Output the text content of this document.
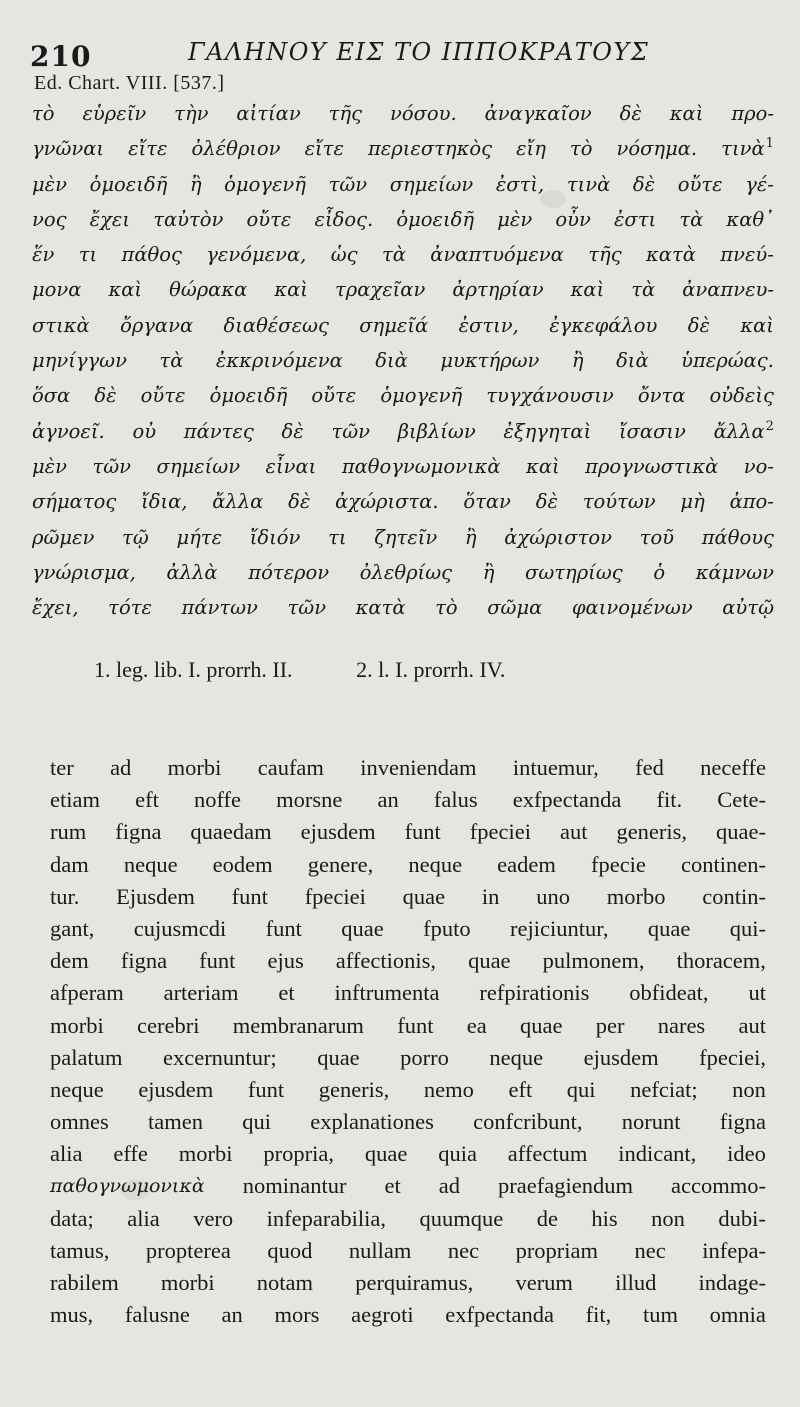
210	ΓΑΛΗΝΟΥ ΕΙΣ ΤΟ ΙΠΠΟΚΡΑΤΟΥΣ
Ed. Chart. VIII. [537.]
τὸ εὑρεῖν τὴν αἰτίαν τῆς νόσου. ἀναγκαῖον δὲ καὶ προ-
γνῶναι εἴτε ὀλέθριον εἴτε περιεστηκὸς εἴη τὸ νόσημα. τινὰ$^1$
μὲν ὁμοειδῆ ἢ ὁμογενῆ τῶν σημείων ἐστὶ, τινὰ δὲ οὔτε γέ-
νος ἔχει ταὐτὸν οὔτε εἶδος. ὁμοειδῆ μὲν οὖν ἐστι τὰ καθ᾽
ἕν τι πάθος γενόμενα, ὡς τὰ ἀναπτυόμενα τῆς κατὰ πνεύ-
μονα καὶ θώρακα καὶ τραχεῖαν ἀρτηρίαν καὶ τὰ ἀναπνευ-
στικὰ ὄργανα διαθέσεως σημεῖά ἐστιν, ἐγκεφάλου δὲ καὶ
μηνίγγων τὰ ἐκκρινόμενα διὰ μυκτήρων ἢ διὰ ὑπερώας.
ὅσα δὲ οὔτε ὁμοειδῆ οὔτε ὁμογενῆ τυγχάνουσιν ὄντα οὐδεὶς
ἀγνοεῖ. οὐ πάντες δὲ τῶν βιβλίων ἐξηγηταὶ ἴσασιν ἄλλα$^2$
μὲν τῶν σημείων εἶναι παθογνωμονικὰ καὶ προγνωστικὰ νο-
σήματος ἴδια, ἄλλα δὲ ἀχώριστα. ὅταν δὲ τούτων μὴ ἀπο-
ρῶμεν τῷ μήτε ἴδιόν τι ζητεῖν ἢ ἀχώριστον τοῦ πάθους
γνώρισμα, ἀλλὰ πότερον ὀλεθρίως ἢ σωτηρίως ὁ κάμνων
ἔχει, τότε πάντων τῶν κατὰ τὸ σῶμα φαινομένων αὐτῷ
1. leg. lib. I. prorrh. II.	2. l. I. prorrh. IV.
ter ad morbi caufam inveniendam intuemur, fed neceffe
etiam eft noffe morsne an falus exfpectanda fit. Cete-
rum figna quaedam ejusdem funt fpeciei aut generis, quae-
dam neque eodem genere, neque eadem fpecie continen-
tur. Ejusdem funt fpeciei quae in uno morbo contin-
gant, cujusmcdi funt quae fputo rejiciuntur, quae qui-
dem figna funt ejus affectionis, quae pulmonem, thoracem,
afperam arteriam et inftrumenta refpirationis obfideat, ut
morbi cerebri membranarum funt ea quae per nares aut
palatum excernuntur; quae porro neque ejusdem fpeciei,
neque ejusdem funt generis, nemo eft qui nefciat; non
omnes tamen qui explanationes confcribunt, norunt figna
alia effe morbi propria, quae quia affectum indicant, ideo
παθογνωμονικὰ nominantur et ad praefagiendum accommo-
data; alia vero infeparabilia, quumque de his non dubi-
tamus, propterea quod nullam nec propriam nec infepa-
rabilem morbi notam perquiramus, verum illud indage-
mus, falusne an mors aegroti exfpectanda fit, tum omnia
